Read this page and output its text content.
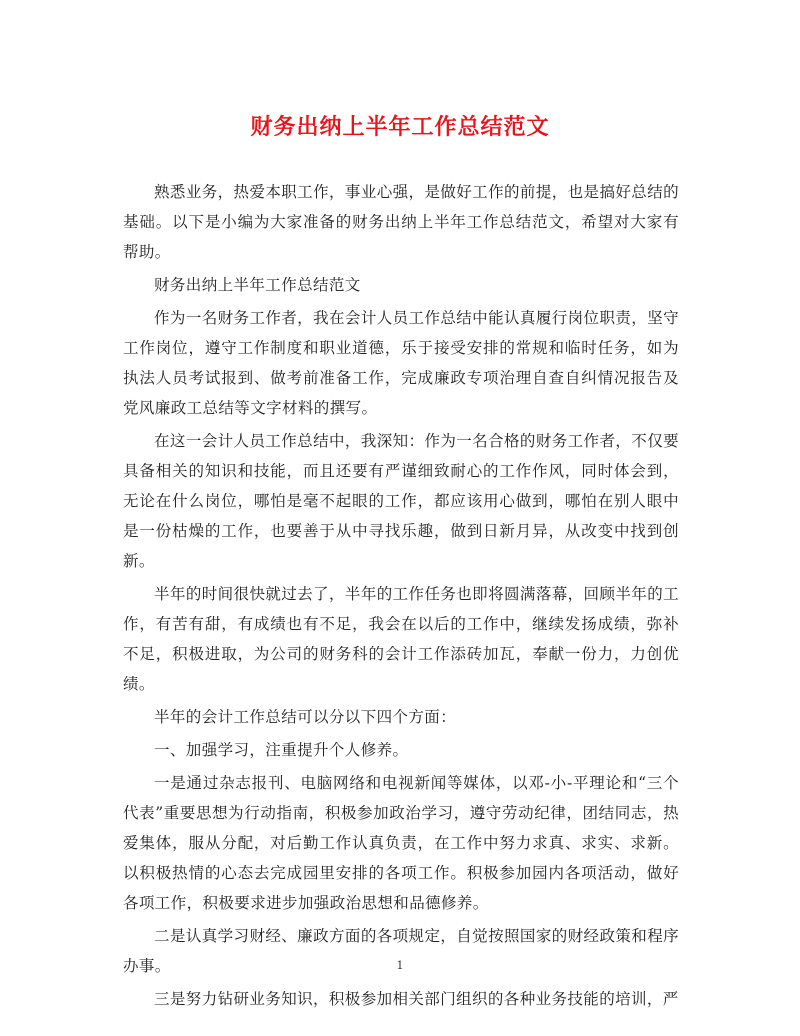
财务出纳上半年工作总结范文

熟悉业务，热爱本职工作，事业心强，是做好工作的前提，也是搞好总结的基础。以下是小编为大家准备的财务出纳上半年工作总结范文，希望对大家有帮助。

财务出纳上半年工作总结范文

作为一名财务工作者，我在会计人员工作总结中能认真履行岗位职责，坚守工作岗位，遵守工作制度和职业道德，乐于接受安排的常规和临时任务，如为执法人员考试报到、做考前准备工作，完成廉政专项治理自查自纠情况报告及党风廉政工总结等文字材料的撰写。

在这一会计人员工作总结中，我深知：作为一名合格的财务工作者，不仅要具备相关的知识和技能，而且还要有严谨细致耐心的工作作风，同时体会到，无论在什么岗位，哪怕是毫不起眼的工作，都应该用心做到，哪怕在别人眼中是一份枯燥的工作，也要善于从中寻找乐趣，做到日新月异，从改变中找到创新。

半年的时间很快就过去了，半年的工作任务也即将圆满落幕，回顾半年的工作，有苦有甜，有成绩也有不足，我会在以后的工作中，继续发扬成绩，弥补不足，积极进取，为公司的财务科的会计工作添砖加瓦，奉献一份力，力创优绩。

半年的会计工作总结可以分以下四个方面：

一、加强学习，注重提升个人修养。

一是通过杂志报刊、电脑网络和电视新闻等媒体，以邓-小-平理论和“三个代表”重要思想为行动指南，积极参加政治学习，遵守劳动纪律，团结同志，热爱集体，服从分配，对后勤工作认真负责，在工作中努力求真、求实、求新。以积极热情的心态去完成园里安排的各项工作。积极参加园内各项活动，做好各项工作，积极要求进步加强政治思想和品德修养。

二是认真学习财经、廉政方面的各项规定，自觉按照国家的财经政策和程序办事。

三是努力钻研业务知识，积极参加相关部门组织的各种业务技能的培训，严

1
